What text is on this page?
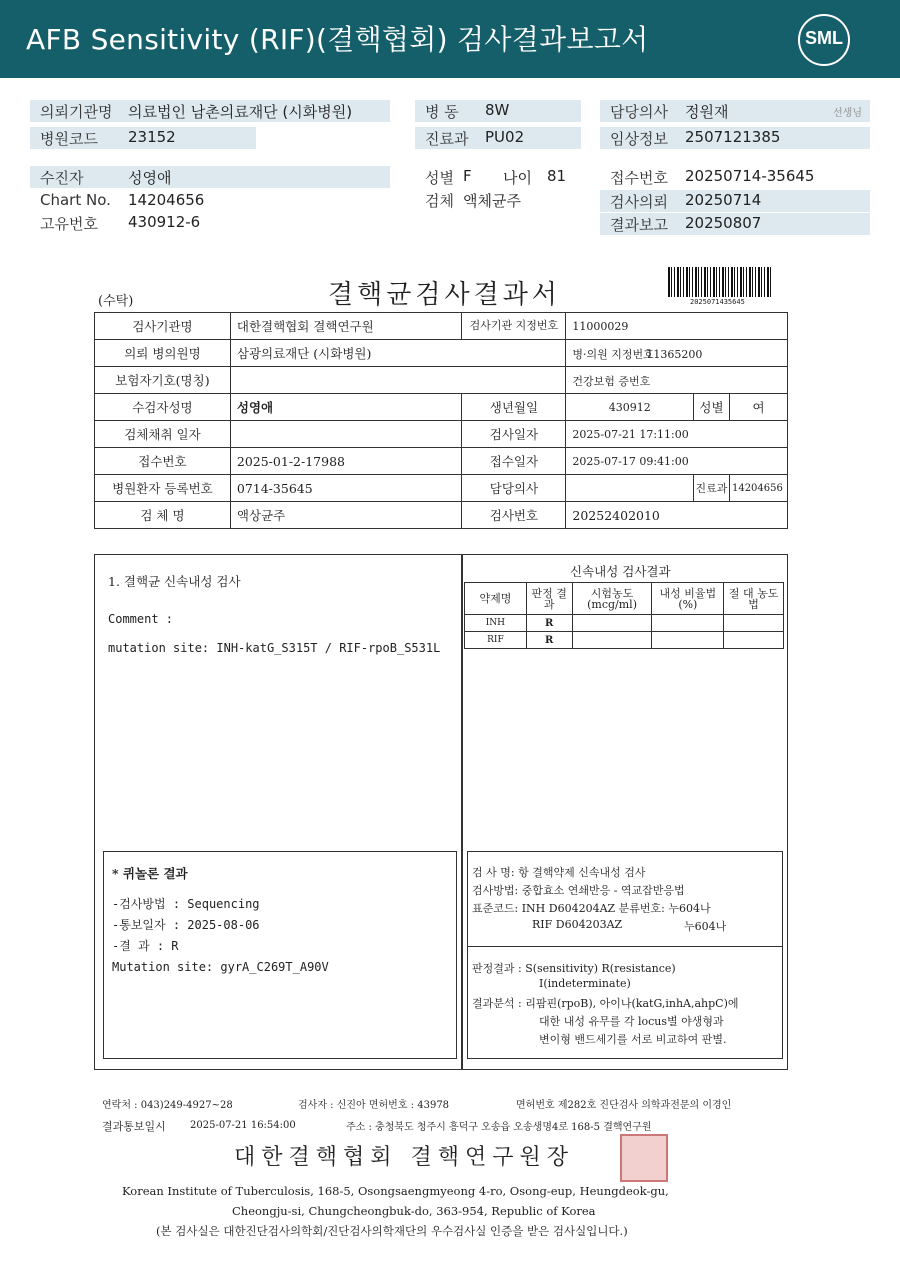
AFB Sensitivity (RIF)(결핵협회) 검사결과보고서	SML
의뢰기관명 의료법인 남촌의료재단 (시화병원)
병원코드 23152
병 동 8W
진료과 PU02
담당의사 정원재	선생님
임상정보 2507121385
수진자	성영애
Chart No. 14204656
고유번호 430912-6
성별 F 나이 81
검체 액체균주
접수번호 20250714-35645
검사의뢰 20250714
결과보고 20250807
(수탁)	결핵균검사결과서	2025071435645
검사기관명	대한결핵협회 결핵연구원	검사기관 지정번호	11000029		
의뢰 병의원명	삼광의료재단 (시화병원)		병·의원 지정번호 11365200		
보험자기호(명칭)			건강보험 증번호		
수검자성명	성영애	생년월일	430912	성별	여
검체채취 일자		검사일자	2025-07-21 17:11:00		
접수번호	2025-01-2-17988	접수일자	2025-07-17 09:41:00		
병원환자 등록번호	0714-35645	담당의사		진료과	14204656
검 체 명	액상균주	검사번호	20252402010		
1. 결핵균 신속내성 검사
Comment :
mutation site: INH-katG_S315T / RIF-rpoB_S531L
* 퀴놀론 결과
-검사방법 : Sequencing
-통보일자 : 2025-08-06
-결 과 : R
Mutation site: gyrA_C269T_A90V
신속내성 검사결과
약제명	판정 결과	시험농도 (mcg/ml)	내성 비율법(%)	절 대 농도법
INH	R			
RIF	R			
검 사 명: 항 결핵약제 신속내성 검사
검사방법: 중합효소 연쇄반응 - 역교잡반응법
표준코드: INH D604204AZ 분류번호: 누604나
RIF D604203AZ	누604나
판정결과 : S(sensitivity) R(resistance)
I(indeterminate)
결과분석 : 리팜핀(rpoB), 아이나(katG,inhA,ahpC)에
대한 내성 유무를 각 locus별 야생형과
변이형 밴드세기를 서로 비교하여 판별.
연락처 : 043)249-4927~28	검사자 : 신진아 면허번호 : 43978	면허번호 제282호 진단검사 의학과전문의 이경인
결과통보일시 2025-07-21 16:54:00	주소 : 충청북도 청주시 흥덕구 오송읍 오송생명4로 168-5 결핵연구원
대한결핵협회 결핵연구원장
Korean Institute of Tuberculosis, 168-5, Osongsaengmyeong 4-ro, Osong-eup, Heungdeok-gu,
Cheongju-si, Chungcheongbuk-do, 363-954, Republic of Korea
(본 검사실은 대한진단검사의학회/진단검사의학재단의 우수검사실 인증을 받은 검사실입니다.)
